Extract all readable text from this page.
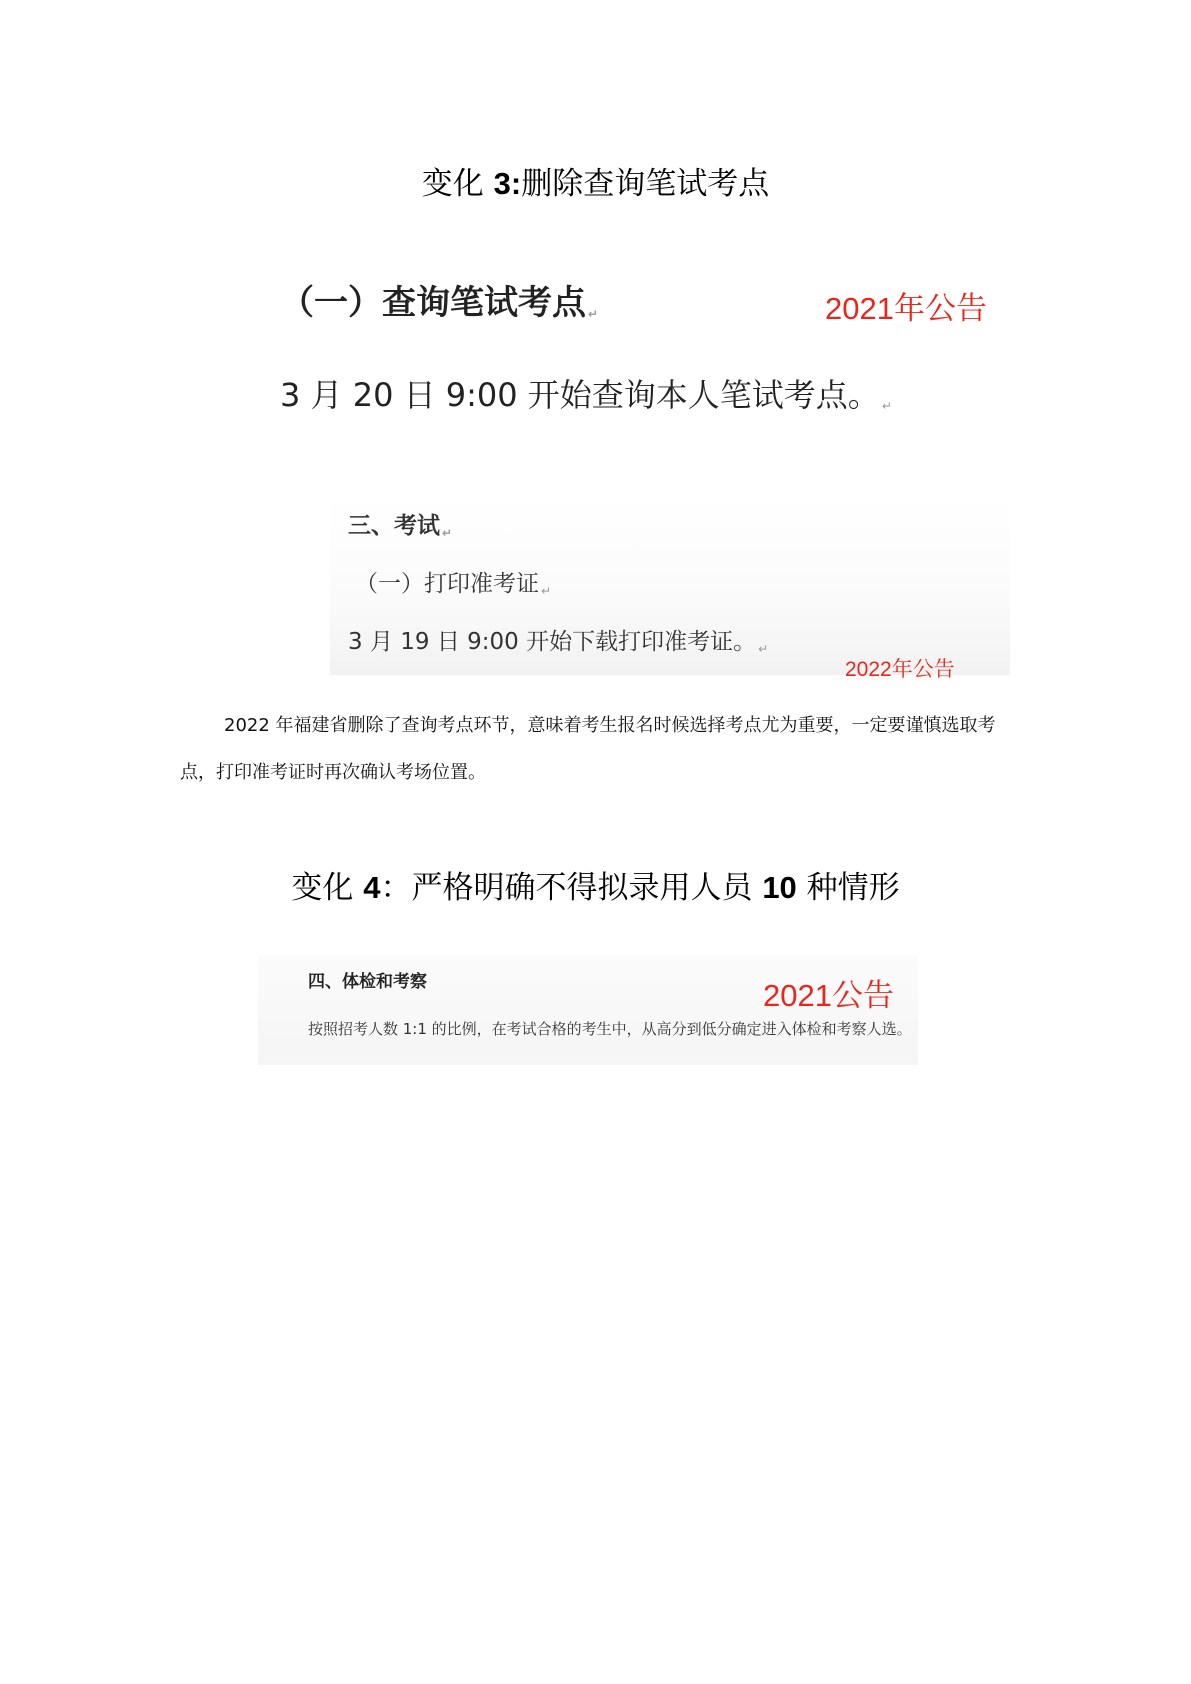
变化 3:删除查询笔试考点
（一）查询笔试考点 ↵	2021年公告
3 月 20 日 9:00 开始查询本人笔试考点。 ↵
三、考试 ↵
（一）打印准考证 ↵
3 月 19 日 9:00 开始下载打印准考证。 ↵
2022年公告

2022 年福建省删除了查询考点环节，意味着考生报名时候选择考点尤为重要，一定要谨慎选取考点，打印准考证时再次确认考场位置。

变化 4：严格明确不得拟录用人员 10 种情形
四、体检和考察	2021公告
按照招考人数 1:1 的比例，在考试合格的考生中，从高分到低分确定进入体检和考察人选。
